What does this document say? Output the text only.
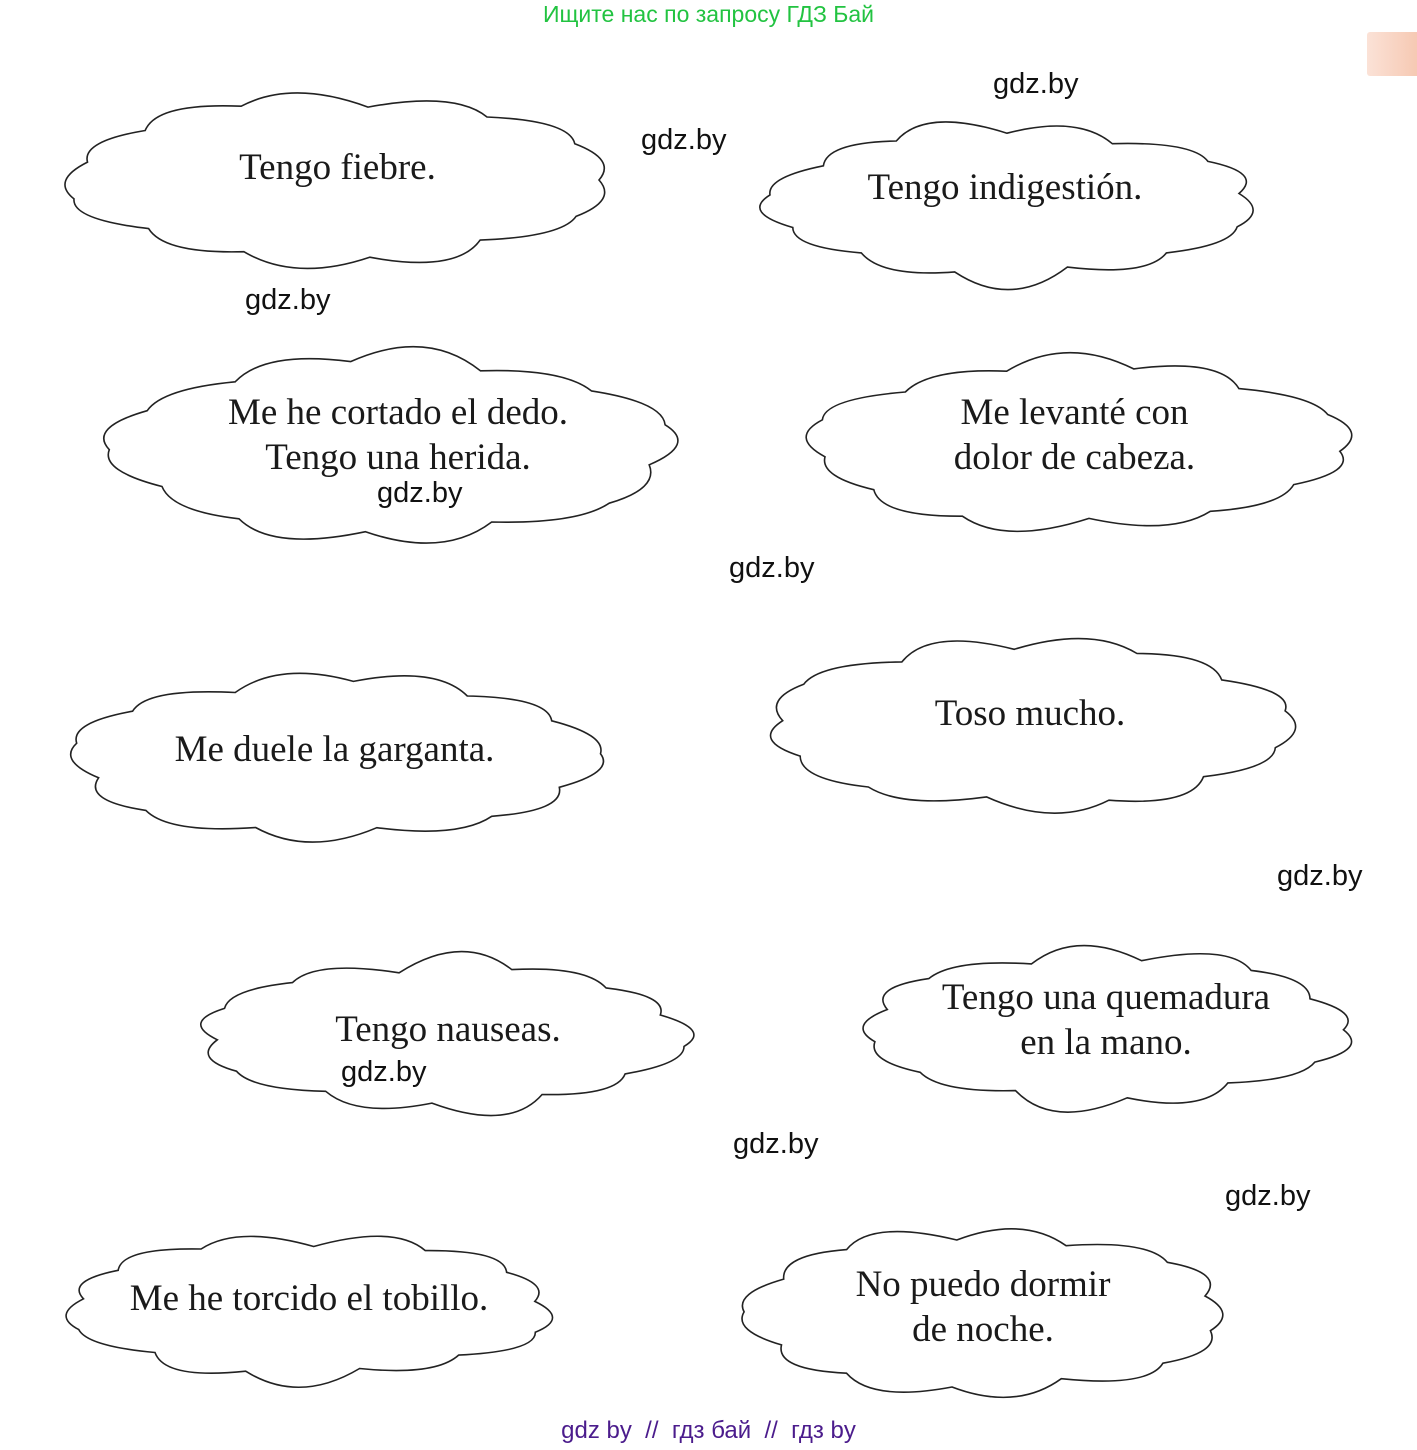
Ищите нас по запросу ГДЗ Бай
Tengo fiebre.	Tengo indigestión.
Me he cortado el dedo.
Tengo una herida.
Me levanté con
dolor de cabeza.
Me duele la garganta.
Toso mucho.
Tengo nauseas.
Tengo una quemadura
en la mano.
Me he torcido el tobillo.	No puedo dormir
de noche.
gdz.by
gdz.by
gdz.by
gdz.by
gdz.by
gdz.by
gdz.by
gdz.by
gdz.by
gdz by  //  гдз бай  //  гдз by
